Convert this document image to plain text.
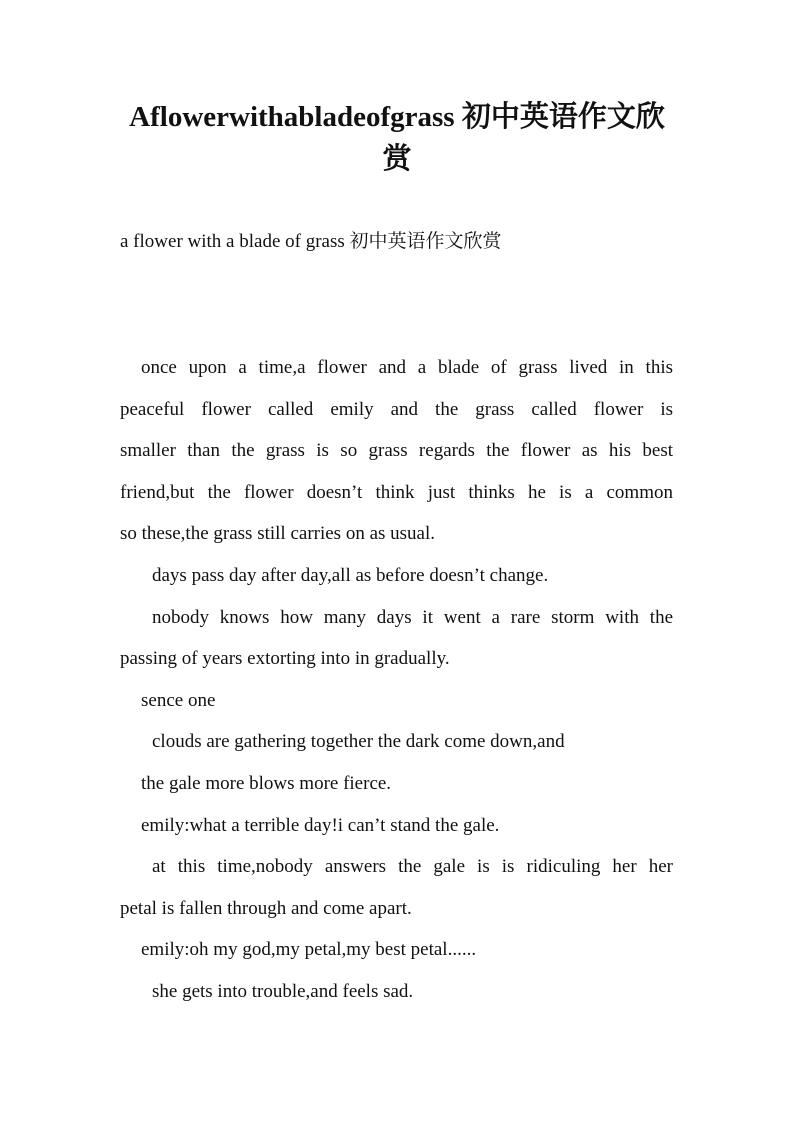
Aflowerwithabladeofgrass 初中英语作文欣赏

a flower with a blade of grass 初中英语作文欣赏

once upon a time,a flower and a blade of grass lived in this
peaceful flower called emily and the grass called flower is
smaller than the grass is so grass regards the flower as his best
friend,but the flower doesn’t think just thinks he is a common
so these,the grass still carries on as usual.
days pass day after day,all as before doesn’t change.
nobody knows how many days it went a rare storm with the
passing of years extorting into in gradually.
sence one
clouds are gathering together the dark come down,and
the gale more blows more fierce.
emily:what a terrible day!i can’t stand the gale.
at this time,nobody answers the gale is is ridiculing her her
petal is fallen through and come apart.
emily:oh my god,my petal,my best petal......
she gets into trouble,and feels sad.
